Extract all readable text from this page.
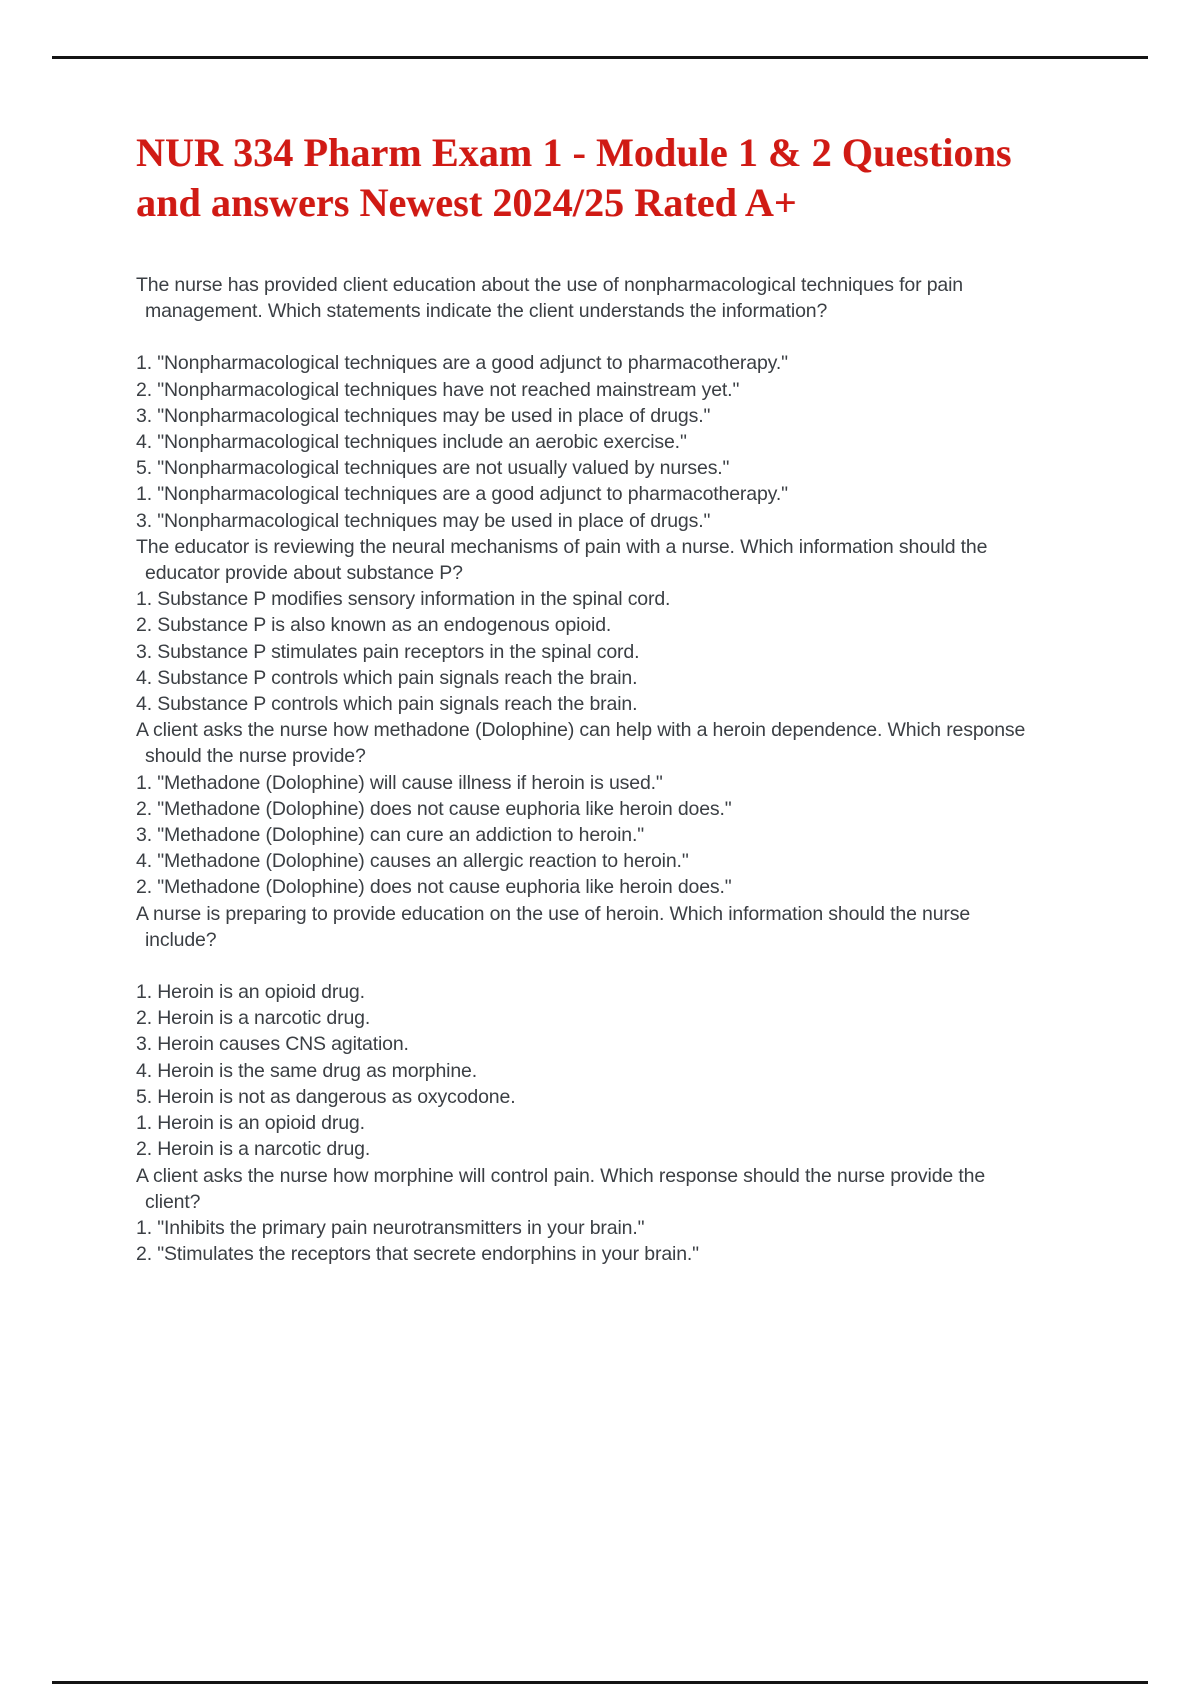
NUR 334 Pharm Exam 1 - Module 1 & 2 Questions and answers Newest 2024/25 Rated A+

The nurse has provided client education about the use of nonpharmacological techniques for pain management. Which statements indicate the client understands the information?

1. "Nonpharmacological techniques are a good adjunct to pharmacotherapy."

2. "Nonpharmacological techniques have not reached mainstream yet."

3. "Nonpharmacological techniques may be used in place of drugs."

4. "Nonpharmacological techniques include an aerobic exercise."

5. "Nonpharmacological techniques are not usually valued by nurses."

1. "Nonpharmacological techniques are a good adjunct to pharmacotherapy."

3. "Nonpharmacological techniques may be used in place of drugs."

The educator is reviewing the neural mechanisms of pain with a nurse. Which information should the educator provide about substance P?

1. Substance P modifies sensory information in the spinal cord.

2. Substance P is also known as an endogenous opioid.

3. Substance P stimulates pain receptors in the spinal cord.

4. Substance P controls which pain signals reach the brain.

4. Substance P controls which pain signals reach the brain.

A client asks the nurse how methadone (Dolophine) can help with a heroin dependence. Which response should the nurse provide?

1. "Methadone (Dolophine) will cause illness if heroin is used."

2. "Methadone (Dolophine) does not cause euphoria like heroin does."

3. "Methadone (Dolophine) can cure an addiction to heroin."

4. "Methadone (Dolophine) causes an allergic reaction to heroin."

2. "Methadone (Dolophine) does not cause euphoria like heroin does."

A nurse is preparing to provide education on the use of heroin. Which information should the nurse include?

1. Heroin is an opioid drug.

2. Heroin is a narcotic drug.

3. Heroin causes CNS agitation.

4. Heroin is the same drug as morphine.

5. Heroin is not as dangerous as oxycodone.

1. Heroin is an opioid drug.

2. Heroin is a narcotic drug.

A client asks the nurse how morphine will control pain. Which response should the nurse provide the client?

1. "Inhibits the primary pain neurotransmitters in your brain."

2. "Stimulates the receptors that secrete endorphins in your brain."
